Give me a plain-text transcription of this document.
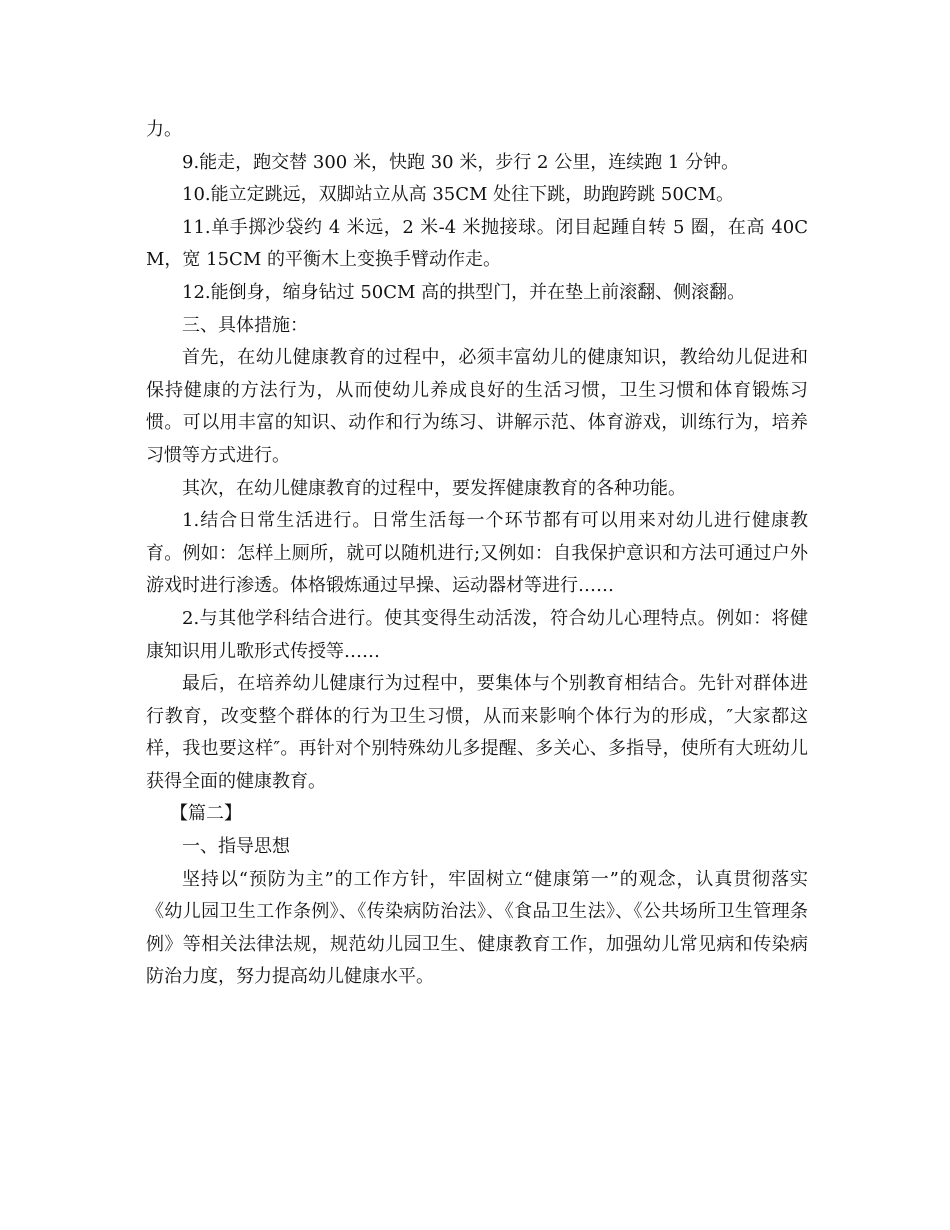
力。

9.能走，跑交替 300 米，快跑 30 米，步行 2 公里，连续跑 1 分钟。

10.能立定跳远，双脚站立从高 35CM 处往下跳，助跑跨跳 50CM。

11.单手掷沙袋约 4 米远，2 米-4 米抛接球。闭目起踵自转 5 圈，在高 40CM，宽 15CM 的平衡木上变换手臂动作走。

12.能倒身，缩身钻过 50CM 高的拱型门，并在垫上前滚翻、侧滚翻。

三、具体措施：

首先，在幼儿健康教育的过程中，必须丰富幼儿的健康知识，教给幼儿促进和保持健康的方法行为，从而使幼儿养成良好的生活习惯，卫生习惯和体育锻炼习惯。可以用丰富的知识、动作和行为练习、讲解示范、体育游戏，训练行为，培养习惯等方式进行。

其次，在幼儿健康教育的过程中，要发挥健康教育的各种功能。

1.结合日常生活进行。日常生活每一个环节都有可以用来对幼儿进行健康教育。例如：怎样上厕所，就可以随机进行;又例如：自我保护意识和方法可通过户外游戏时进行渗透。体格锻炼通过早操、运动器材等进行……

2.与其他学科结合进行。使其变得生动活泼，符合幼儿心理特点。例如：将健康知识用儿歌形式传授等……

最后，在培养幼儿健康行为过程中，要集体与个别教育相结合。先针对群体进行教育，改变整个群体的行为卫生习惯，从而来影响个体行为的形成，″大家都这样，我也要这样″。再针对个别特殊幼儿多提醒、多关心、多指导，使所有大班幼儿获得全面的健康教育。

【篇二】

一、指导思想

坚持以“预防为主”的工作方针，牢固树立“健康第一”的观念，认真贯彻落实《幼儿园卫生工作条例》、《传染病防治法》、《食品卫生法》、《公共场所卫生管理条例》等相关法律法规，规范幼儿园卫生、健康教育工作，加强幼儿常见病和传染病防治力度，努力提高幼儿健康水平。
